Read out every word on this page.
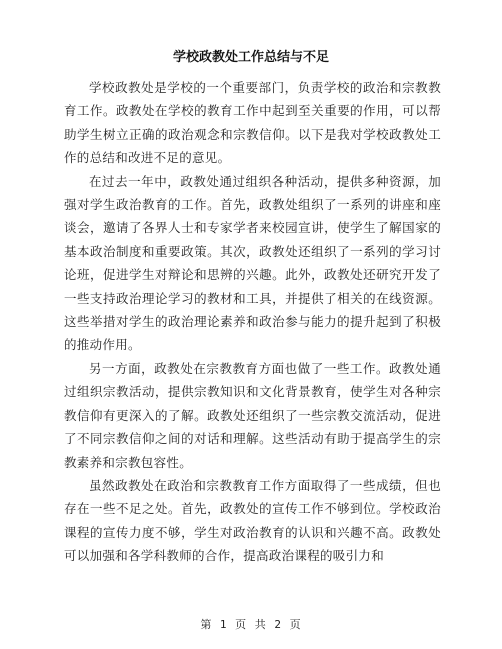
学校政教处工作总结与不足

学校政教处是学校的一个重要部门，负责学校的政治和宗教教育工作。政教处在学校的教育工作中起到至关重要的作用，可以帮助学生树立正确的政治观念和宗教信仰。以下是我对学校政教处工作的总结和改进不足的意见。

在过去一年中，政教处通过组织各种活动，提供多种资源，加强对学生政治教育的工作。首先，政教处组织了一系列的讲座和座谈会，邀请了各界人士和专家学者来校园宣讲，使学生了解国家的基本政治制度和重要政策。其次，政教处还组织了一系列的学习讨论班，促进学生对辩论和思辨的兴趣。此外，政教处还研究开发了一些支持政治理论学习的教材和工具，并提供了相关的在线资源。这些举措对学生的政治理论素养和政治参与能力的提升起到了积极的推动作用。

另一方面，政教处在宗教教育方面也做了一些工作。政教处通过组织宗教活动，提供宗教知识和文化背景教育，使学生对各种宗教信仰有更深入的了解。政教处还组织了一些宗教交流活动，促进了不同宗教信仰之间的对话和理解。这些活动有助于提高学生的宗教素养和宗教包容性。

虽然政教处在政治和宗教教育工作方面取得了一些成绩，但也存在一些不足之处。首先，政教处的宣传工作不够到位。学校政治课程的宣传力度不够，学生对政治教育的认识和兴趣不高。政教处可以加强和各学科教师的合作，提高政治课程的吸引力和

第 1 页 共 2 页
